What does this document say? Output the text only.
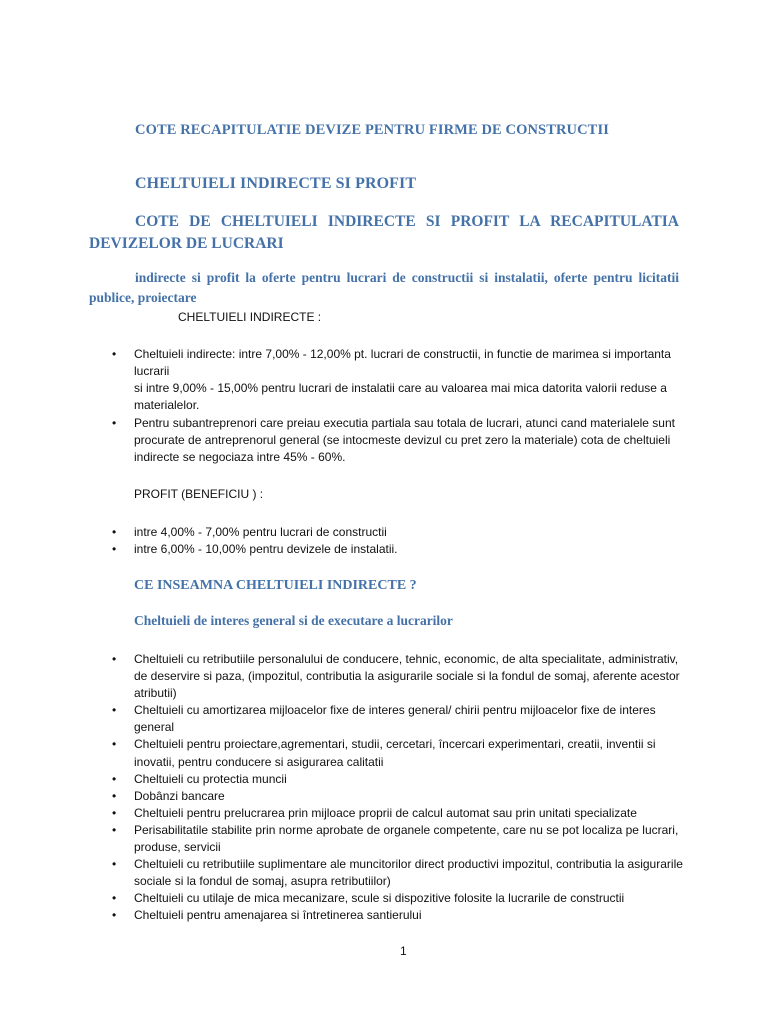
COTE RECAPITULATIE DEVIZE PENTRU FIRME DE CONSTRUCTII

CHELTUIELI INDIRECTE SI PROFIT

COTE DE CHELTUIELI INDIRECTE SI PROFIT LA RECAPITULATIA DEVIZELOR DE LUCRARI

indirecte si profit la oferte pentru lucrari de constructii si instalatii, oferte pentru licitatii publice, proiectare

CHELTUIELI INDIRECTE :

• Cheltuieli indirecte: intre 7,00% - 12,00% pt. lucrari de constructii, in functie de marimea si importanta lucrarii
si intre 9,00% - 15,00% pentru lucrari de instalatii care au valoarea mai mica datorita valorii reduse a materialelor.
• Pentru subantreprenori care preiau executia partiala sau totala de lucrari, atunci cand materialele sunt procurate de antreprenorul general (se intocmeste devizul cu pret zero la materiale) cota de cheltuieli indirecte se negociaza intre 45% - 60%.

PROFIT (BENEFICIU ) :

• intre 4,00% - 7,00% pentru lucrari de constructii
• intre 6,00% - 10,00% pentru devizele de instalatii.

CE INSEAMNA CHELTUIELI INDIRECTE ?

Cheltuieli de interes general si de executare a lucrarilor

• Cheltuieli cu retributiile personalului de conducere, tehnic, economic, de alta specialitate, administrativ, de deservire si paza, (impozitul, contributia la asigurarile sociale si la fondul de somaj, aferente acestor atributii)
• Cheltuieli cu amortizarea mijloacelor fixe de interes general/ chirii pentru mijloacelor fixe de interes general
• Cheltuieli pentru proiectare,agrementari, studii, cercetari, încercari experimentari, creatii, inventii si inovatii, pentru conducere si asigurarea calitatii
• Cheltuieli cu protectia muncii
• Dobânzi bancare
• Cheltuieli pentru prelucrarea prin mijloace proprii de calcul automat sau prin unitati specializate
• Perisabilitatile stabilite prin norme aprobate de organele competente, care nu se pot localiza pe lucrari, produse, servicii
• Cheltuieli cu retributiile suplimentare ale muncitorilor direct productivi impozitul, contributia la asigurarile sociale si la fondul de somaj, asupra retributiilor)
• Cheltuieli cu utilaje de mica mecanizare, scule si dispozitive folosite la lucrarile de constructii
• Cheltuieli pentru amenajarea si întretinerea santierului
1
